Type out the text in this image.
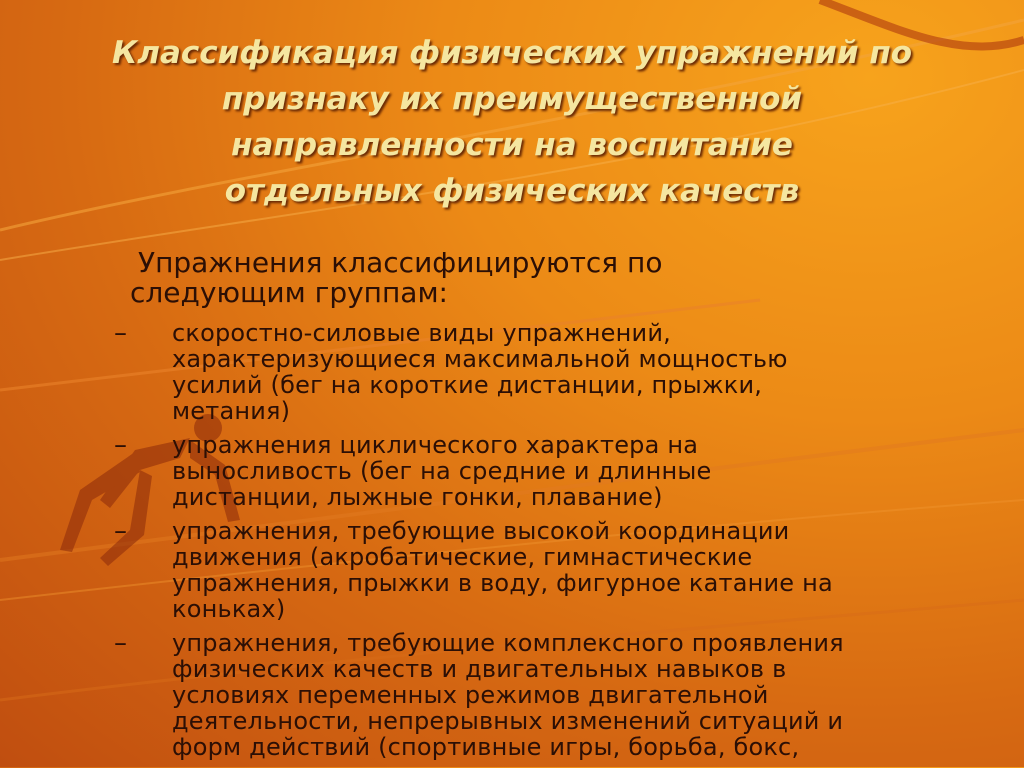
Классификация физических упражнений по
признаку их преимущественной
направленности на воспитание
отдельных физических качеств

Упражнения классифицируются по
следующим группам:

– скоростно-силовые виды упражнений,
характеризующиеся максимальной мощностью
усилий (бег на короткие дистанции, прыжки,
метания)
– упражнения циклического характера на
выносливость (бег на средние и длинные
дистанции, лыжные гонки, плавание)
– упражнения, требующие высокой координации
движения (акробатические, гимнастические
упражнения, прыжки в воду, фигурное катание на
коньках)
– упражнения, требующие комплексного проявления
физических качеств и двигательных навыков в
условиях переменных режимов двигательной
деятельности, непрерывных изменений ситуаций и
форм действий (спортивные игры, борьба, бокс,
